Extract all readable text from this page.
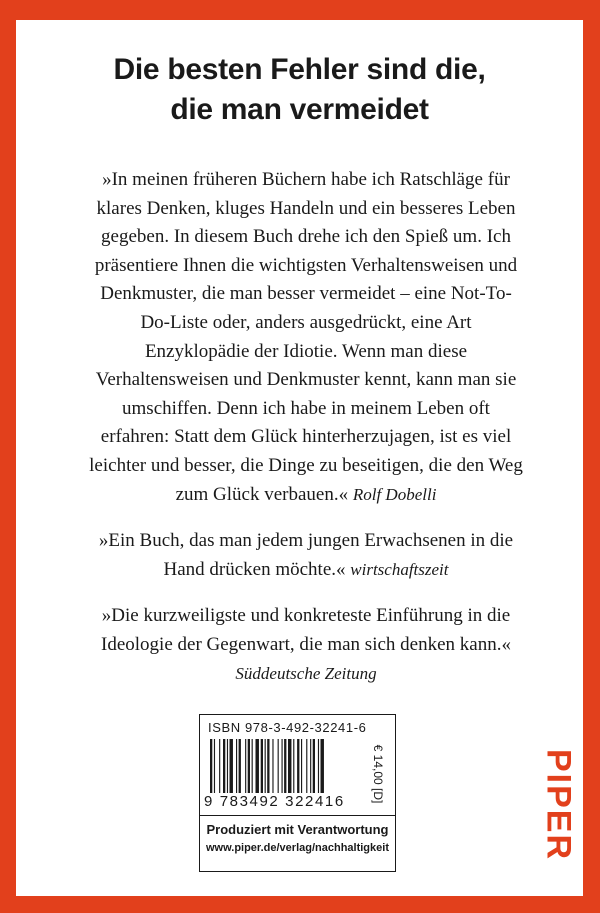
Die besten Fehler sind die,
die man vermeidet

»In meinen früheren Büchern habe ich Ratschläge für klares Denken, kluges Handeln und ein besseres Leben gegeben. In diesem Buch drehe ich den Spieß um. Ich präsentiere Ihnen die wichtigsten Verhaltensweisen und Denkmuster, die man besser vermeidet – eine Not-To-Do-Liste oder, anders ausgedrückt, eine Art Enzyklopädie der Idiotie. Wenn man diese Verhaltensweisen und Denkmuster kennt, kann man sie umschiffen. Denn ich habe in meinem Leben oft erfahren: Statt dem Glück hinterherzujagen, ist es viel leichter und besser, die Dinge zu beseitigen, die den Weg zum Glück verbauen.« Rolf Dobelli

»Ein Buch, das man jedem jungen Erwachsenen in die Hand drücken möchte.« wirtschaftszeit

»Die kurzweiligste und konkreteste Einführung in die Ideologie der Gegenwart, die man sich denken kann.« Süddeutsche Zeitung

ISBN 978-3-492-32241-6
9 783492 322416	€ 14,00 [D]
Produziert mit Verantwortung
www.piper.de/verlag/nachhaltigkeit	PIPER
